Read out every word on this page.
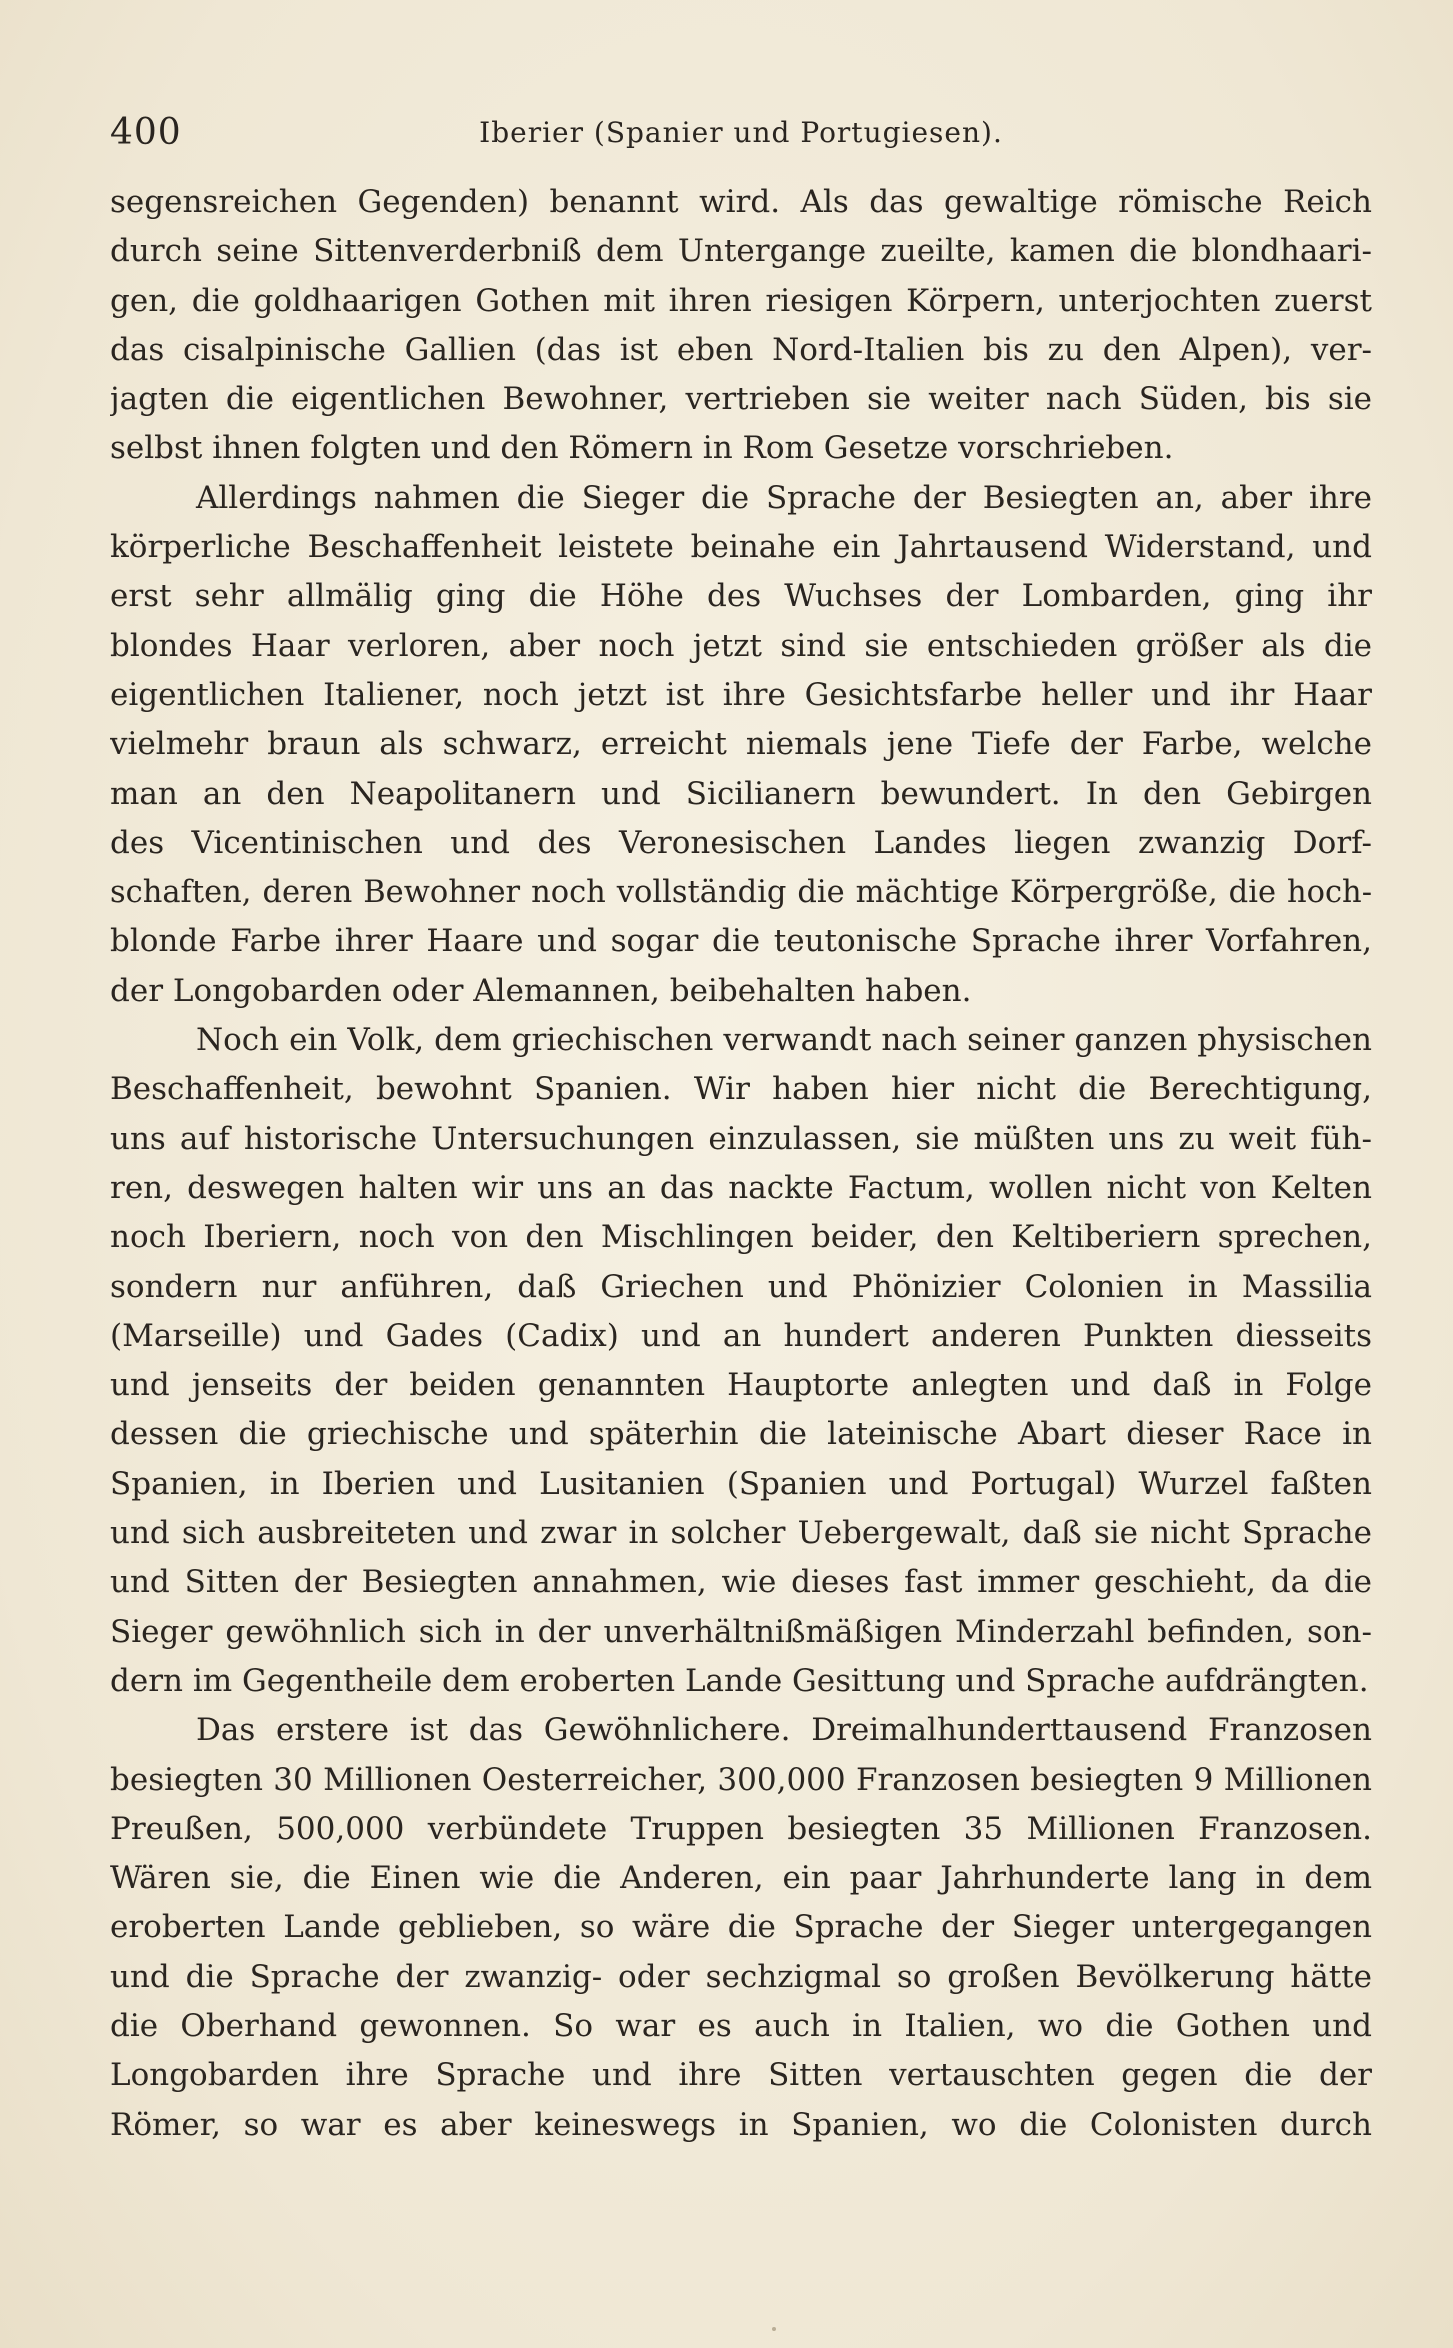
400	Iberier (Spanier und Portugiesen).
segensreichen Gegenden) benannt wird. Als das gewaltige römische Reich
durch seine Sittenverderbniß dem Untergange zueilte, kamen die blondhaari-
gen, die goldhaarigen Gothen mit ihren riesigen Körpern, unterjochten zuerst
das cisalpinische Gallien (das ist eben Nord-Italien bis zu den Alpen), ver-
jagten die eigentlichen Bewohner, vertrieben sie weiter nach Süden, bis sie
selbst ihnen folgten und den Römern in Rom Gesetze vorschrieben.
Allerdings nahmen die Sieger die Sprache der Besiegten an, aber ihre
körperliche Beschaffenheit leistete beinahe ein Jahrtausend Widerstand, und
erst sehr allmälig ging die Höhe des Wuchses der Lombarden, ging ihr
blondes Haar verloren, aber noch jetzt sind sie entschieden größer als die
eigentlichen Italiener, noch jetzt ist ihre Gesichtsfarbe heller und ihr Haar
vielmehr braun als schwarz, erreicht niemals jene Tiefe der Farbe, welche
man an den Neapolitanern und Sicilianern bewundert. In den Gebirgen
des Vicentinischen und des Veronesischen Landes liegen zwanzig Dorf-
schaften, deren Bewohner noch vollständig die mächtige Körpergröße, die hoch-
blonde Farbe ihrer Haare und sogar die teutonische Sprache ihrer Vorfahren,
der Longobarden oder Alemannen, beibehalten haben.
Noch ein Volk, dem griechischen verwandt nach seiner ganzen physischen
Beschaffenheit, bewohnt Spanien. Wir haben hier nicht die Berechtigung,
uns auf historische Untersuchungen einzulassen, sie müßten uns zu weit füh-
ren, deswegen halten wir uns an das nackte Factum, wollen nicht von Kelten
noch Iberiern, noch von den Mischlingen beider, den Keltiberiern sprechen,
sondern nur anführen, daß Griechen und Phönizier Colonien in Massilia
(Marseille) und Gades (Cadix) und an hundert anderen Punkten diesseits
und jenseits der beiden genannten Hauptorte anlegten und daß in Folge
dessen die griechische und späterhin die lateinische Abart dieser Race in
Spanien, in Iberien und Lusitanien (Spanien und Portugal) Wurzel faßten
und sich ausbreiteten und zwar in solcher Uebergewalt, daß sie nicht Sprache
und Sitten der Besiegten annahmen, wie dieses fast immer geschieht, da die
Sieger gewöhnlich sich in der unverhältnißmäßigen Minderzahl befinden, son-
dern im Gegentheile dem eroberten Lande Gesittung und Sprache aufdrängten.
Das erstere ist das Gewöhnlichere. Dreimalhunderttausend Franzosen
besiegten 30 Millionen Oesterreicher, 300,000 Franzosen besiegten 9 Millionen
Preußen, 500,000 verbündete Truppen besiegten 35 Millionen Franzosen.
Wären sie, die Einen wie die Anderen, ein paar Jahrhunderte lang in dem
eroberten Lande geblieben, so wäre die Sprache der Sieger untergegangen
und die Sprache der zwanzig- oder sechzigmal so großen Bevölkerung hätte
die Oberhand gewonnen. So war es auch in Italien, wo die Gothen und
Longobarden ihre Sprache und ihre Sitten vertauschten gegen die der
Römer, so war es aber keineswegs in Spanien, wo die Colonisten durch
